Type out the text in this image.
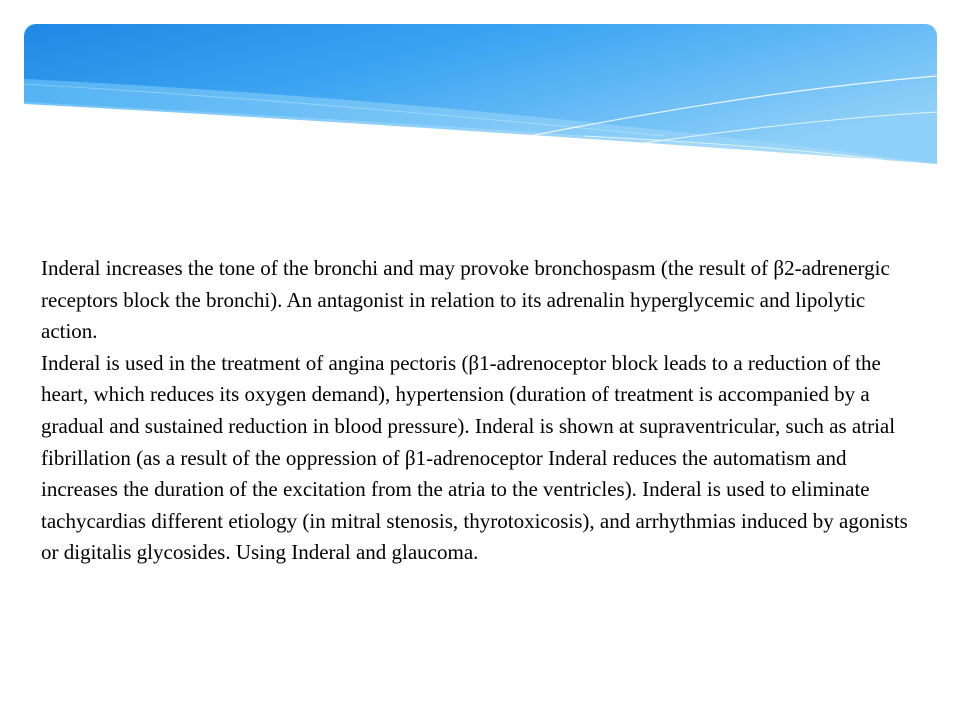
Inderal increases the tone of the bronchi and may provoke bronchospasm (the result of β2-adrenergic receptors block the bronchi). An antagonist in relation to its adrenalin hyperglycemic and lipolytic action.

Inderal is used in the treatment of angina pectoris (β1-adrenoceptor block leads to a reduction of the heart, which reduces its oxygen demand), hypertension (duration of treatment is accompanied by a gradual and sustained reduction in blood pressure). Inderal is shown at supraventricular, such as atrial fibrillation (as a result of the oppression of β1-adrenoceptor Inderal reduces the automatism and increases the duration of the excitation from the atria to the ventricles). Inderal is used to eliminate tachycardias different etiology (in mitral stenosis, thyrotoxicosis), and arrhythmias induced by agonists or digitalis glycosides. Using Inderal and glaucoma.
